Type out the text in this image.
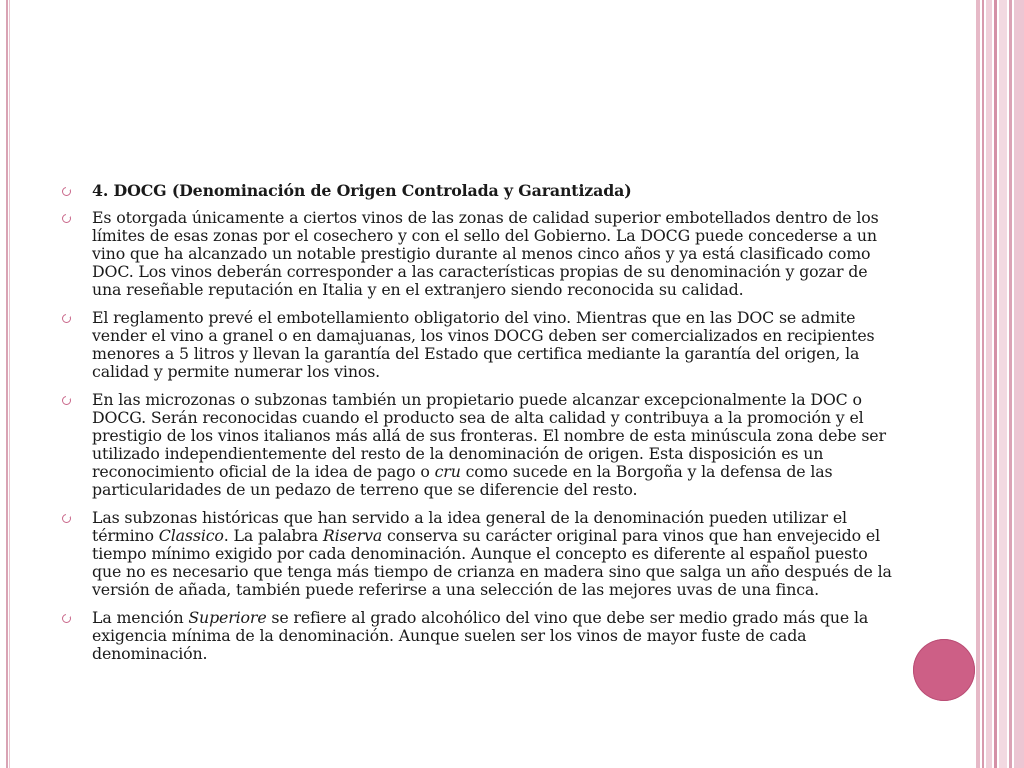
4. DOCG (Denominación de Origen Controlada y Garantizada)
Es otorgada únicamente a ciertos vinos de las zonas de calidad superior embotellados dentro de los límites de esas zonas por el cosechero y con el sello del Gobierno. La DOCG puede concederse a un vino que ha alcanzado un notable prestigio durante al menos cinco años y ya está clasificado como DOC. Los vinos deberán corresponder a las características propias de su denominación y gozar de una reseñable reputación en Italia y en el extranjero siendo reconocida su calidad.
El reglamento prevé el embotellamiento obligatorio del vino. Mientras que en las DOC se admite vender el vino a granel o en damajuanas, los vinos DOCG deben ser comercializados en recipientes menores a 5 litros y llevan la garantía del Estado que certifica mediante la garantía del origen, la calidad y permite numerar los vinos.
En las microzonas o subzonas también un propietario puede alcanzar excepcionalmente la DOC o DOCG. Serán reconocidas cuando el producto sea de alta calidad y contribuya a la promoción y el prestigio de los vinos italianos más allá de sus fronteras. El nombre de esta minúscula zona debe ser utilizado independientemente del resto de la denominación de origen. Esta disposición es un reconocimiento oficial de la idea de pago o cru como sucede en la Borgoña y la defensa de las particularidades de un pedazo de terreno que se diferencie del resto.
Las subzonas históricas que han servido a la idea general de la denominación pueden utilizar el término Classico. La palabra Riserva conserva su carácter original para vinos que han envejecido el tiempo mínimo exigido por cada denominación. Aunque el concepto es diferente al español puesto que no es necesario que tenga más tiempo de crianza en madera sino que salga un año después de la versión de añada, también puede referirse a una selección de las mejores uvas de una finca.
La mención Superiore se refiere al grado alcohólico del vino que debe ser medio grado más que la exigencia mínima de la denominación. Aunque suelen ser los vinos de mayor fuste de cada denominación.
